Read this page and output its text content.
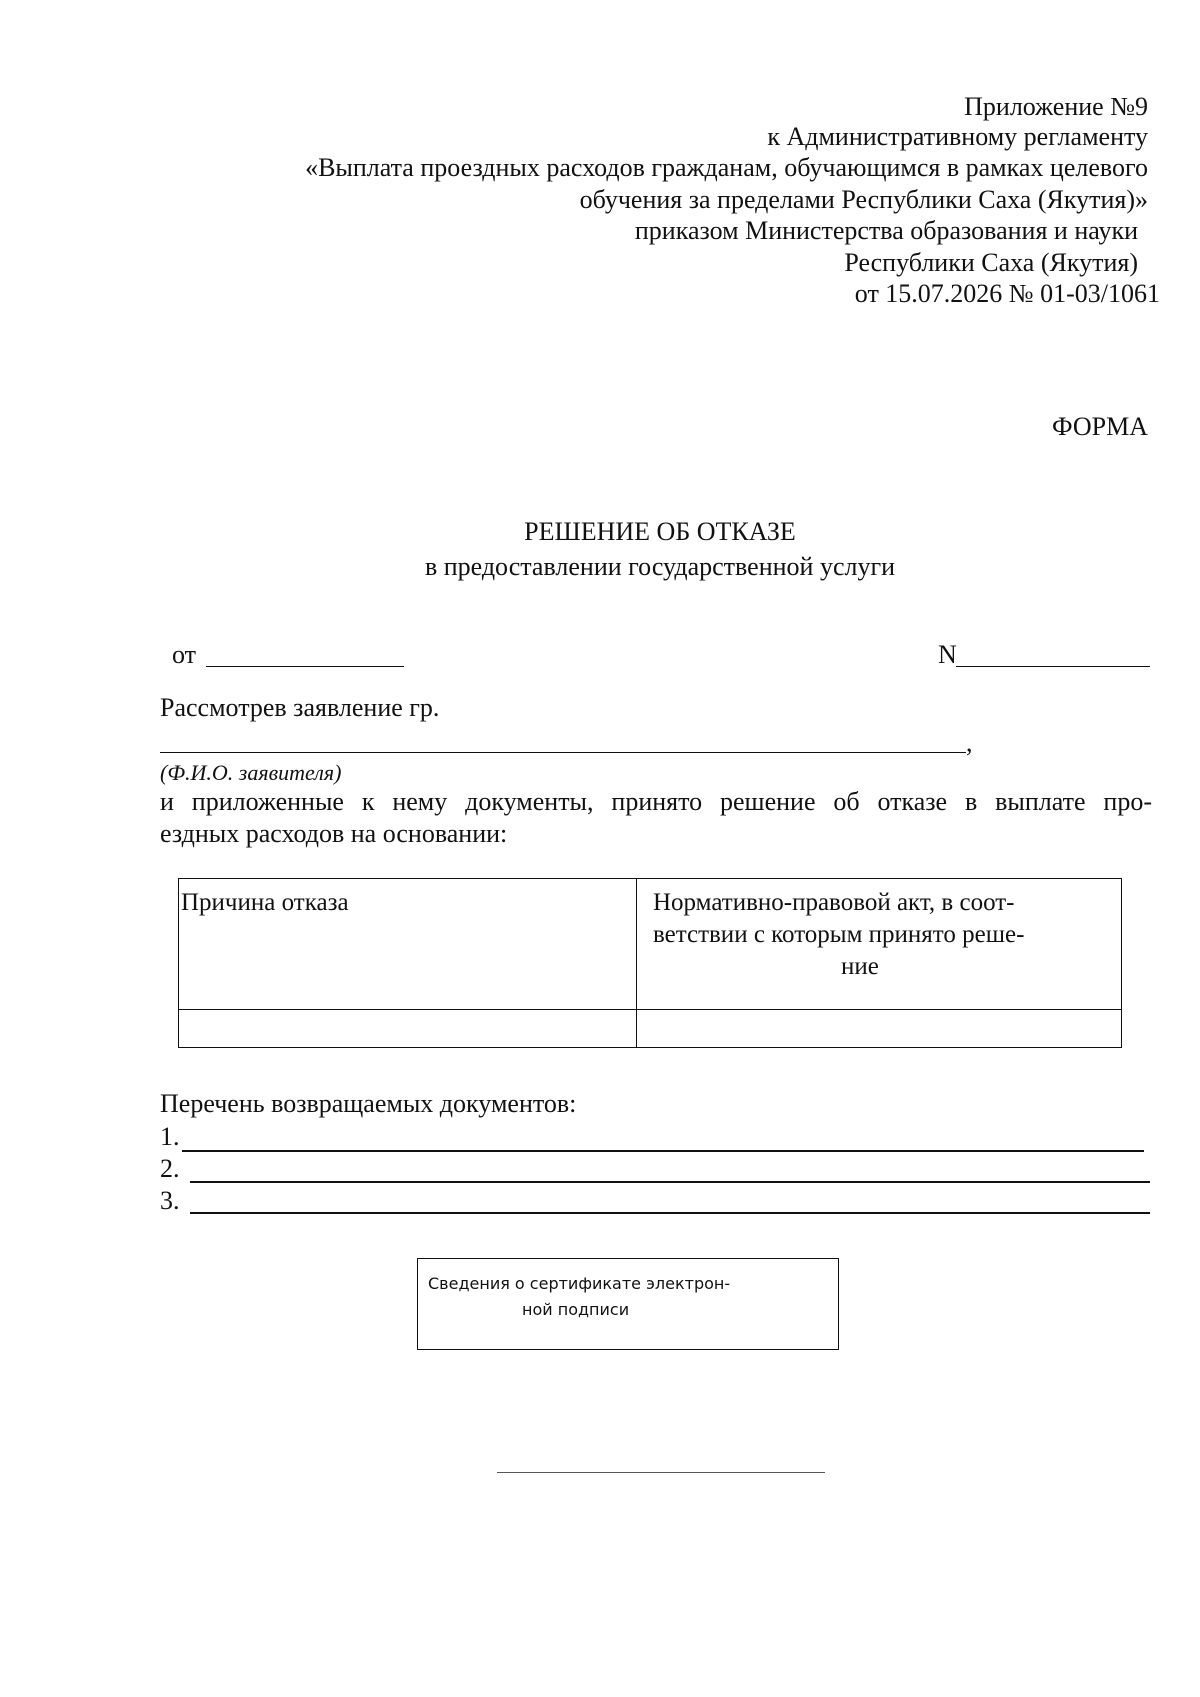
Приложение №9
к Административному регламенту
«Выплата проездных расходов гражданам, обучающимся в рамках целевого
обучения за пределами Республики Саха (Якутия)»
приказом Министерства образования и науки
Республики Саха (Якутия)
от 15.07.2026 № 01-03/1061
ФОРМА
РЕШЕНИЕ ОБ ОТКАЗЕ
в предоставлении государственной услуги
от	N
Рассмотрев заявление гр.
,
(Ф.И.О. заявителя)
и приложенные к нему документы, принято решение об отказе в выплате про-
ездных расходов на основании:
Причина отказа	Нормативно-правовой акт, в соот-
ветствии с которым принято реше-
ние
Перечень возвращаемых документов:
1.
2.
3.
Сведения о сертификате электрон-
ной подписи
